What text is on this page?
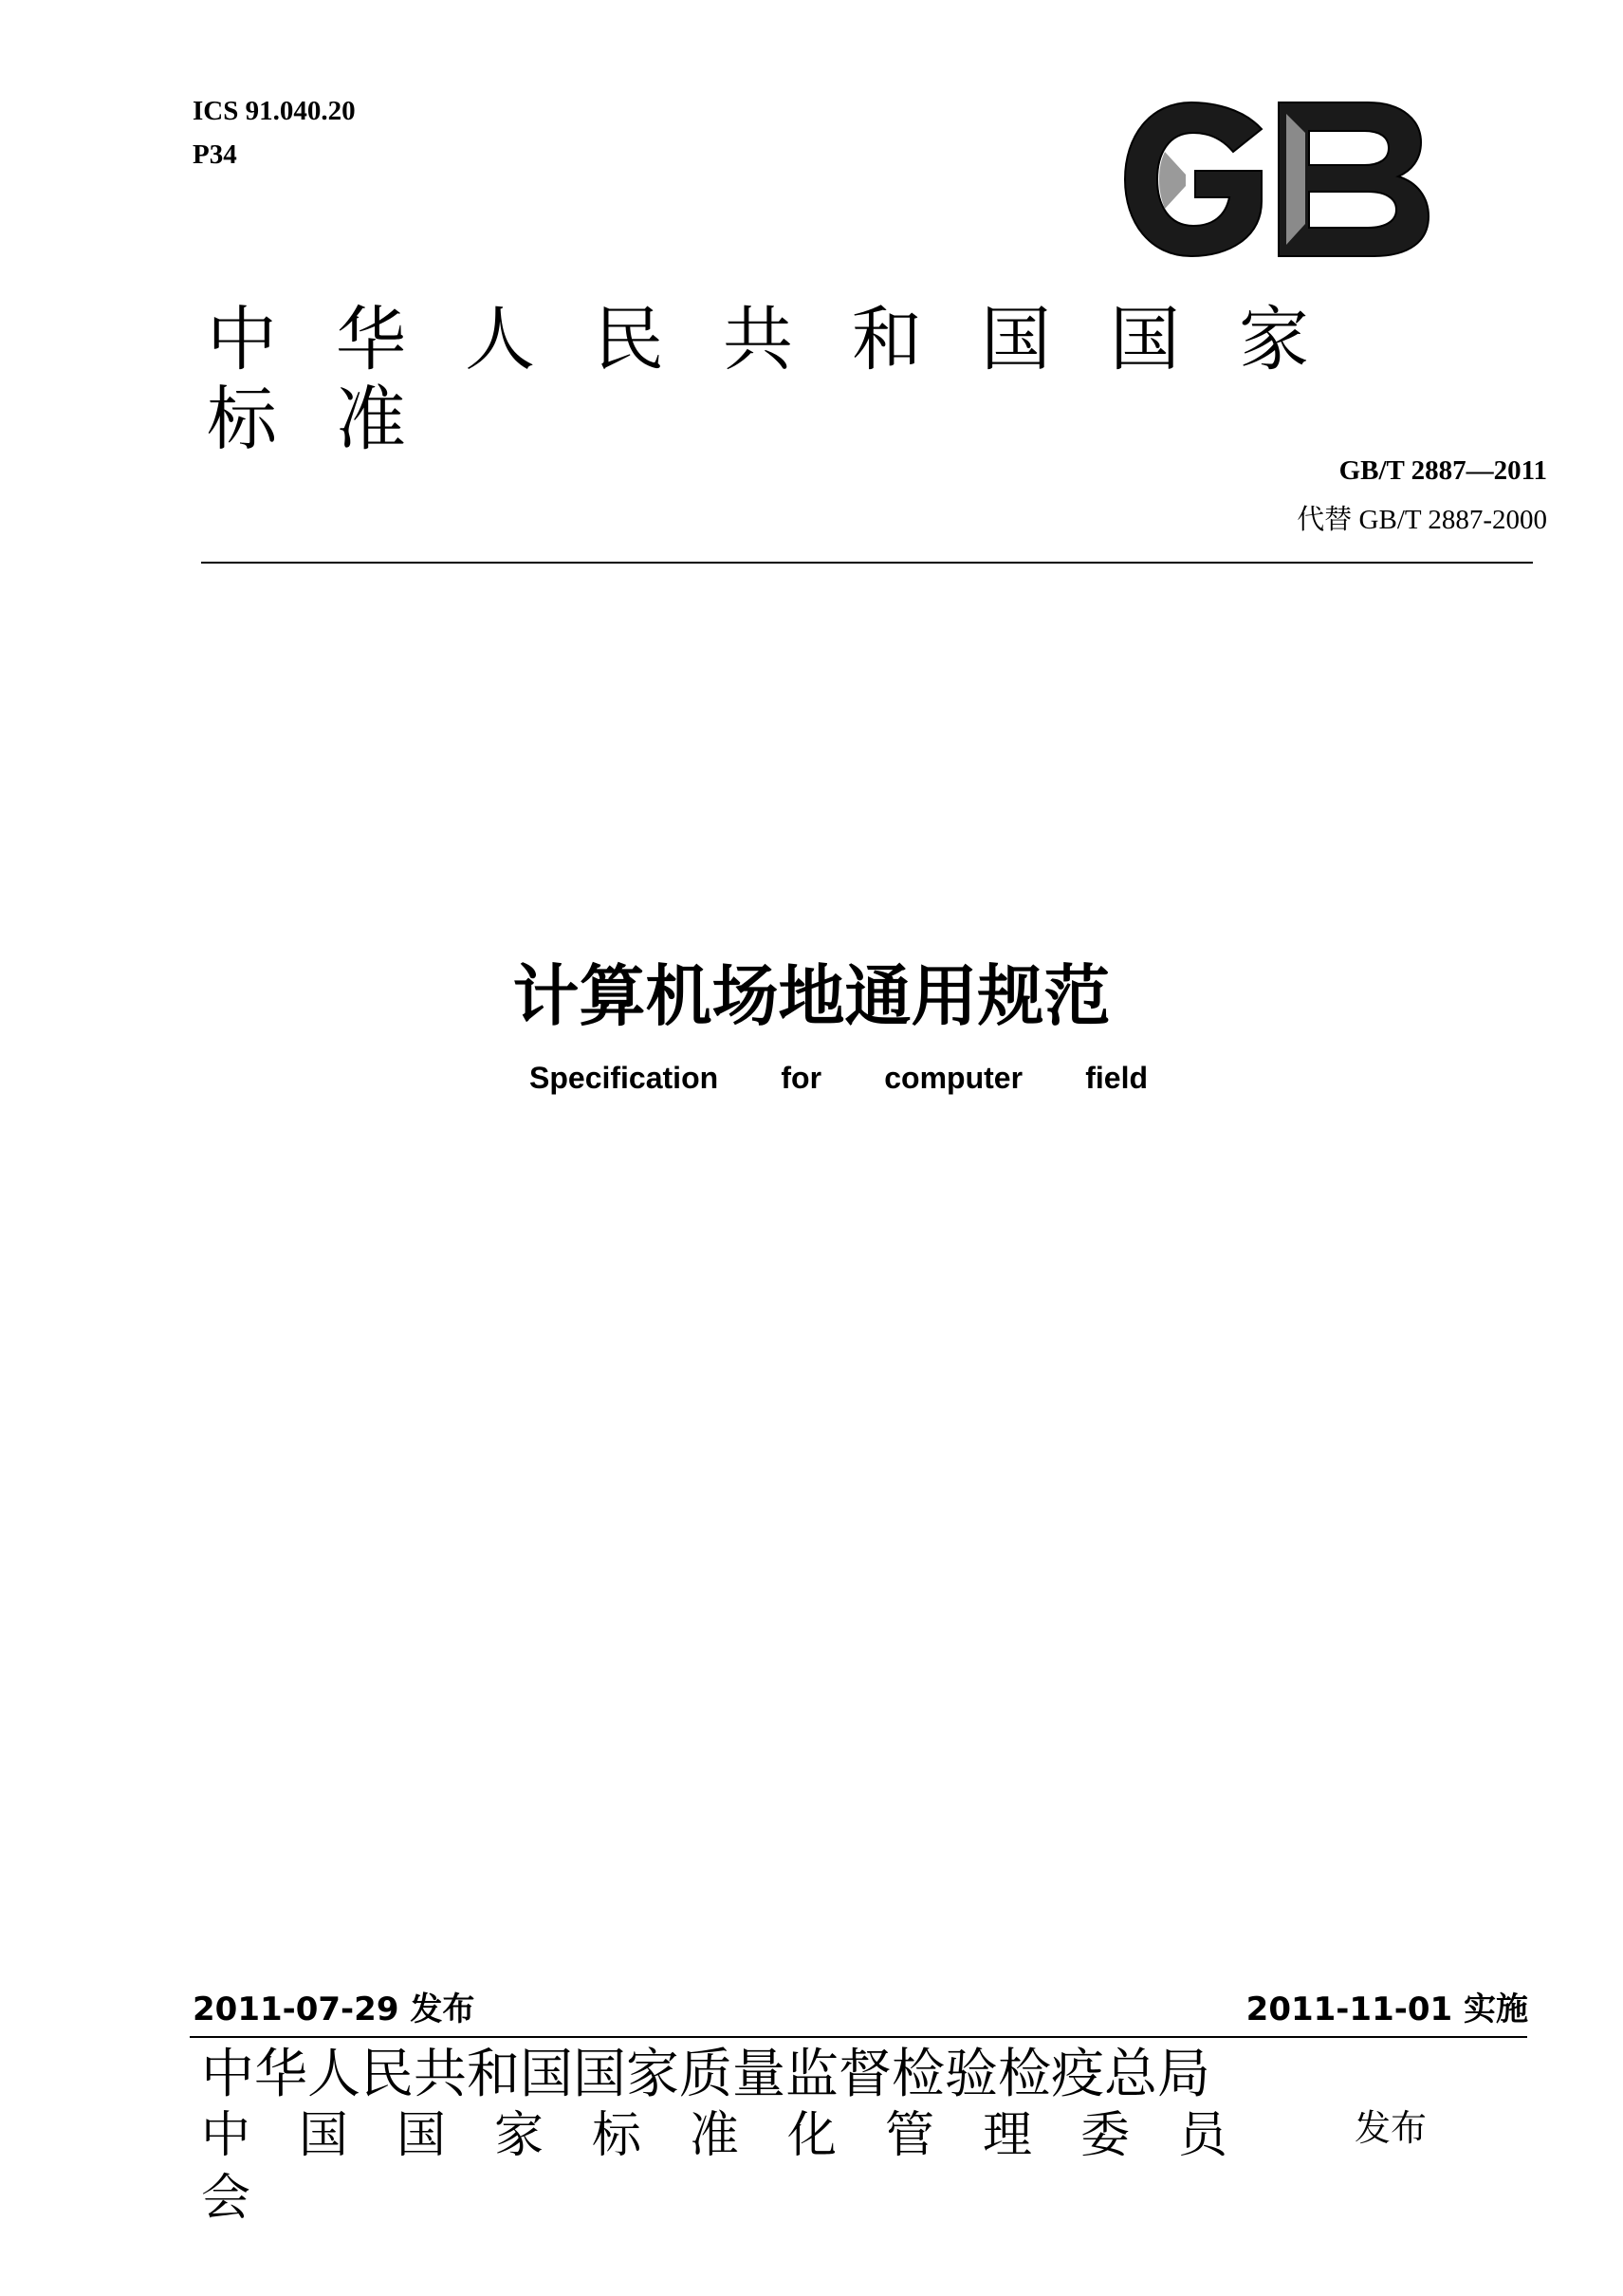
ICS 91.040.20
P34
中华人民共和国国家标准
GB/T 2887—2011
代替 GB/T 2887-2000
计算机场地通用规范
Specification for computer field
2011-07-29 发布	2011-11-01 实施
中华人民共和国国家质量监督检验检疫总局
中国国家标准化管理委员会
发布
